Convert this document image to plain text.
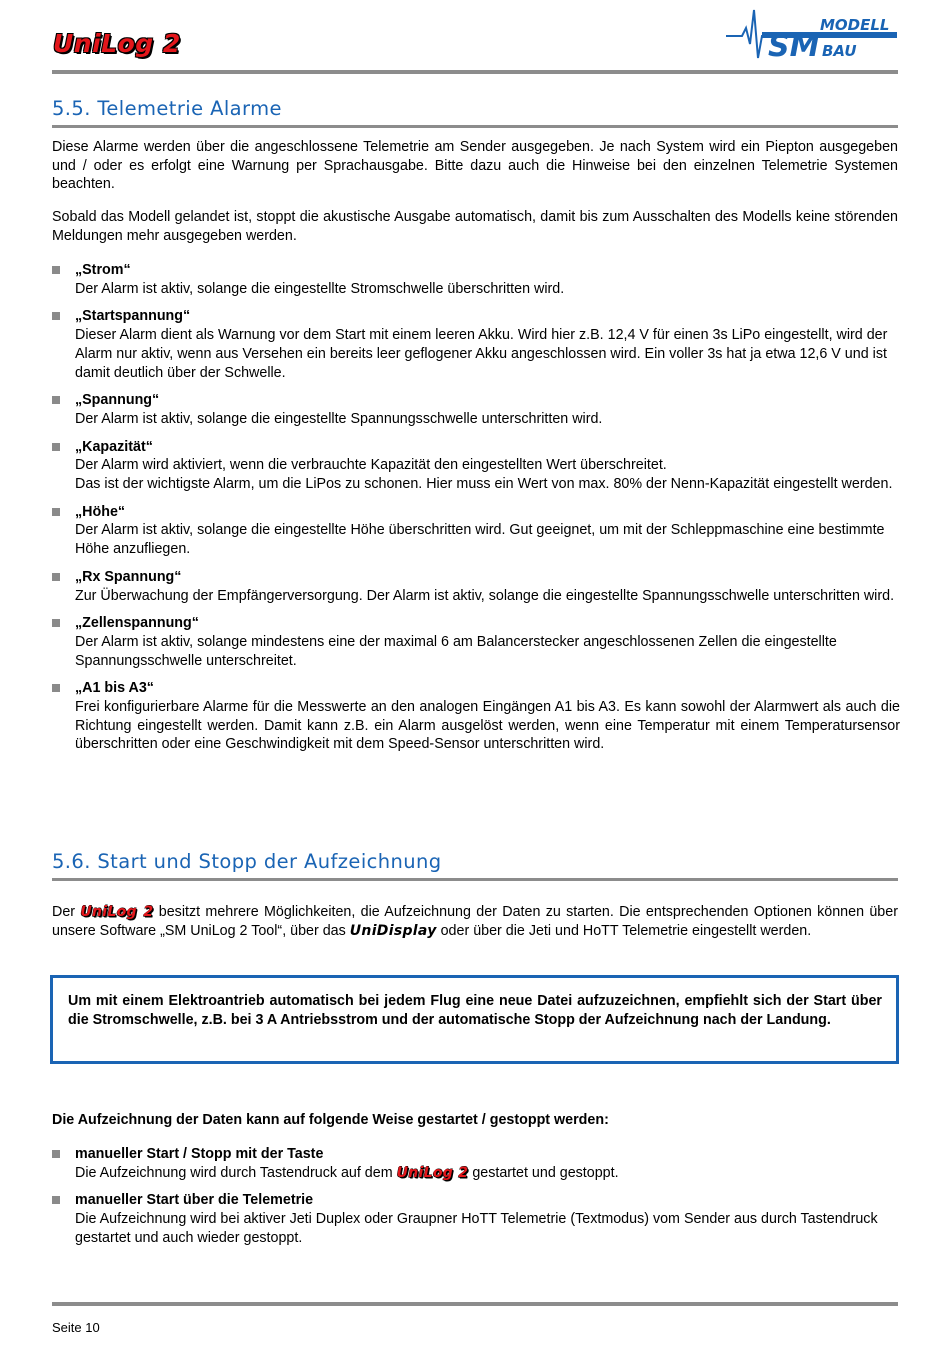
UniLog 2	SM
MODELL
BAU
5.5. Telemetrie Alarme

Diese Alarme werden über die angeschlossene Telemetrie am Sender ausgegeben. Je nach System wird ein Piepton ausgegeben und / oder es erfolgt eine Warnung per Sprachausgabe. Bitte dazu auch die Hinweise bei den einzelnen Telemetrie Systemen beachten.

Sobald das Modell gelandet ist, stoppt die akustische Ausgabe automatisch, damit bis zum Ausschalten des Modells keine störenden Meldungen mehr ausgegeben werden.

„Strom“
Der Alarm ist aktiv, solange die eingestellte Stromschwelle überschritten wird.
„Startspannung“
Dieser Alarm dient als Warnung vor dem Start mit einem leeren Akku. Wird hier z.B. 12,4 V für einen 3s LiPo eingestellt, wird der Alarm nur aktiv, wenn aus Versehen ein bereits leer geflogener Akku angeschlossen wird. Ein voller 3s hat ja etwa 12,6 V und ist damit deutlich über der Schwelle.
„Spannung“
Der Alarm ist aktiv, solange die eingestellte Spannungsschwelle unterschritten wird.
„Kapazität“
Der Alarm wird aktiviert, wenn die verbrauchte Kapazität den eingestellten Wert überschreitet.
Das ist der wichtigste Alarm, um die LiPos zu schonen. Hier muss ein Wert von max. 80% der Nenn-Kapazität eingestellt werden.
„Höhe“
Der Alarm ist aktiv, solange die eingestellte Höhe überschritten wird. Gut geeignet, um mit der Schleppmaschine eine bestimmte Höhe anzufliegen.
„Rx Spannung“
Zur Überwachung der Empfängerversorgung. Der Alarm ist aktiv, solange die eingestellte Spannungsschwelle unterschritten wird.
„Zellenspannung“
Der Alarm ist aktiv, solange mindestens eine der maximal 6 am Balancerstecker angeschlossenen Zellen die eingestellte Spannungsschwelle unterschreitet.
„A1 bis A3“
Frei konfigurierbare Alarme für die Messwerte an den analogen Eingängen A1 bis A3. Es kann sowohl der Alarmwert als auch die Richtung eingestellt werden. Damit kann z.B. ein Alarm ausgelöst werden, wenn eine Temperatur mit einem Temperatursensor überschritten oder eine Geschwindigkeit mit dem Speed-Sensor unterschritten wird.
5.6. Start und Stopp der Aufzeichnung

Der UniLog 2 besitzt mehrere Möglichkeiten, die Aufzeichnung der Daten zu starten. Die entsprechenden Optionen können über unsere Software „SM UniLog 2 Tool“, über das UniDisplay oder über die Jeti und HoTT Telemetrie eingestellt werden.

Um mit einem Elektroantrieb automatisch bei jedem Flug eine neue Datei aufzuzeichnen, empfiehlt sich der Start über die Stromschwelle, z.B. bei 3 A Antriebsstrom und der automatische Stopp der Aufzeichnung nach der Landung.

Die Aufzeichnung der Daten kann auf folgende Weise gestartet / gestoppt werden:

manueller Start / Stopp mit der Taste
Die Aufzeichnung wird durch Tastendruck auf dem UniLog 2 gestartet und gestoppt.
manueller Start über die Telemetrie
Die Aufzeichnung wird bei aktiver Jeti Duplex oder Graupner HoTT Telemetrie (Textmodus) vom Sender aus durch Tastendruck gestartet und auch wieder gestoppt.
Seite 10
